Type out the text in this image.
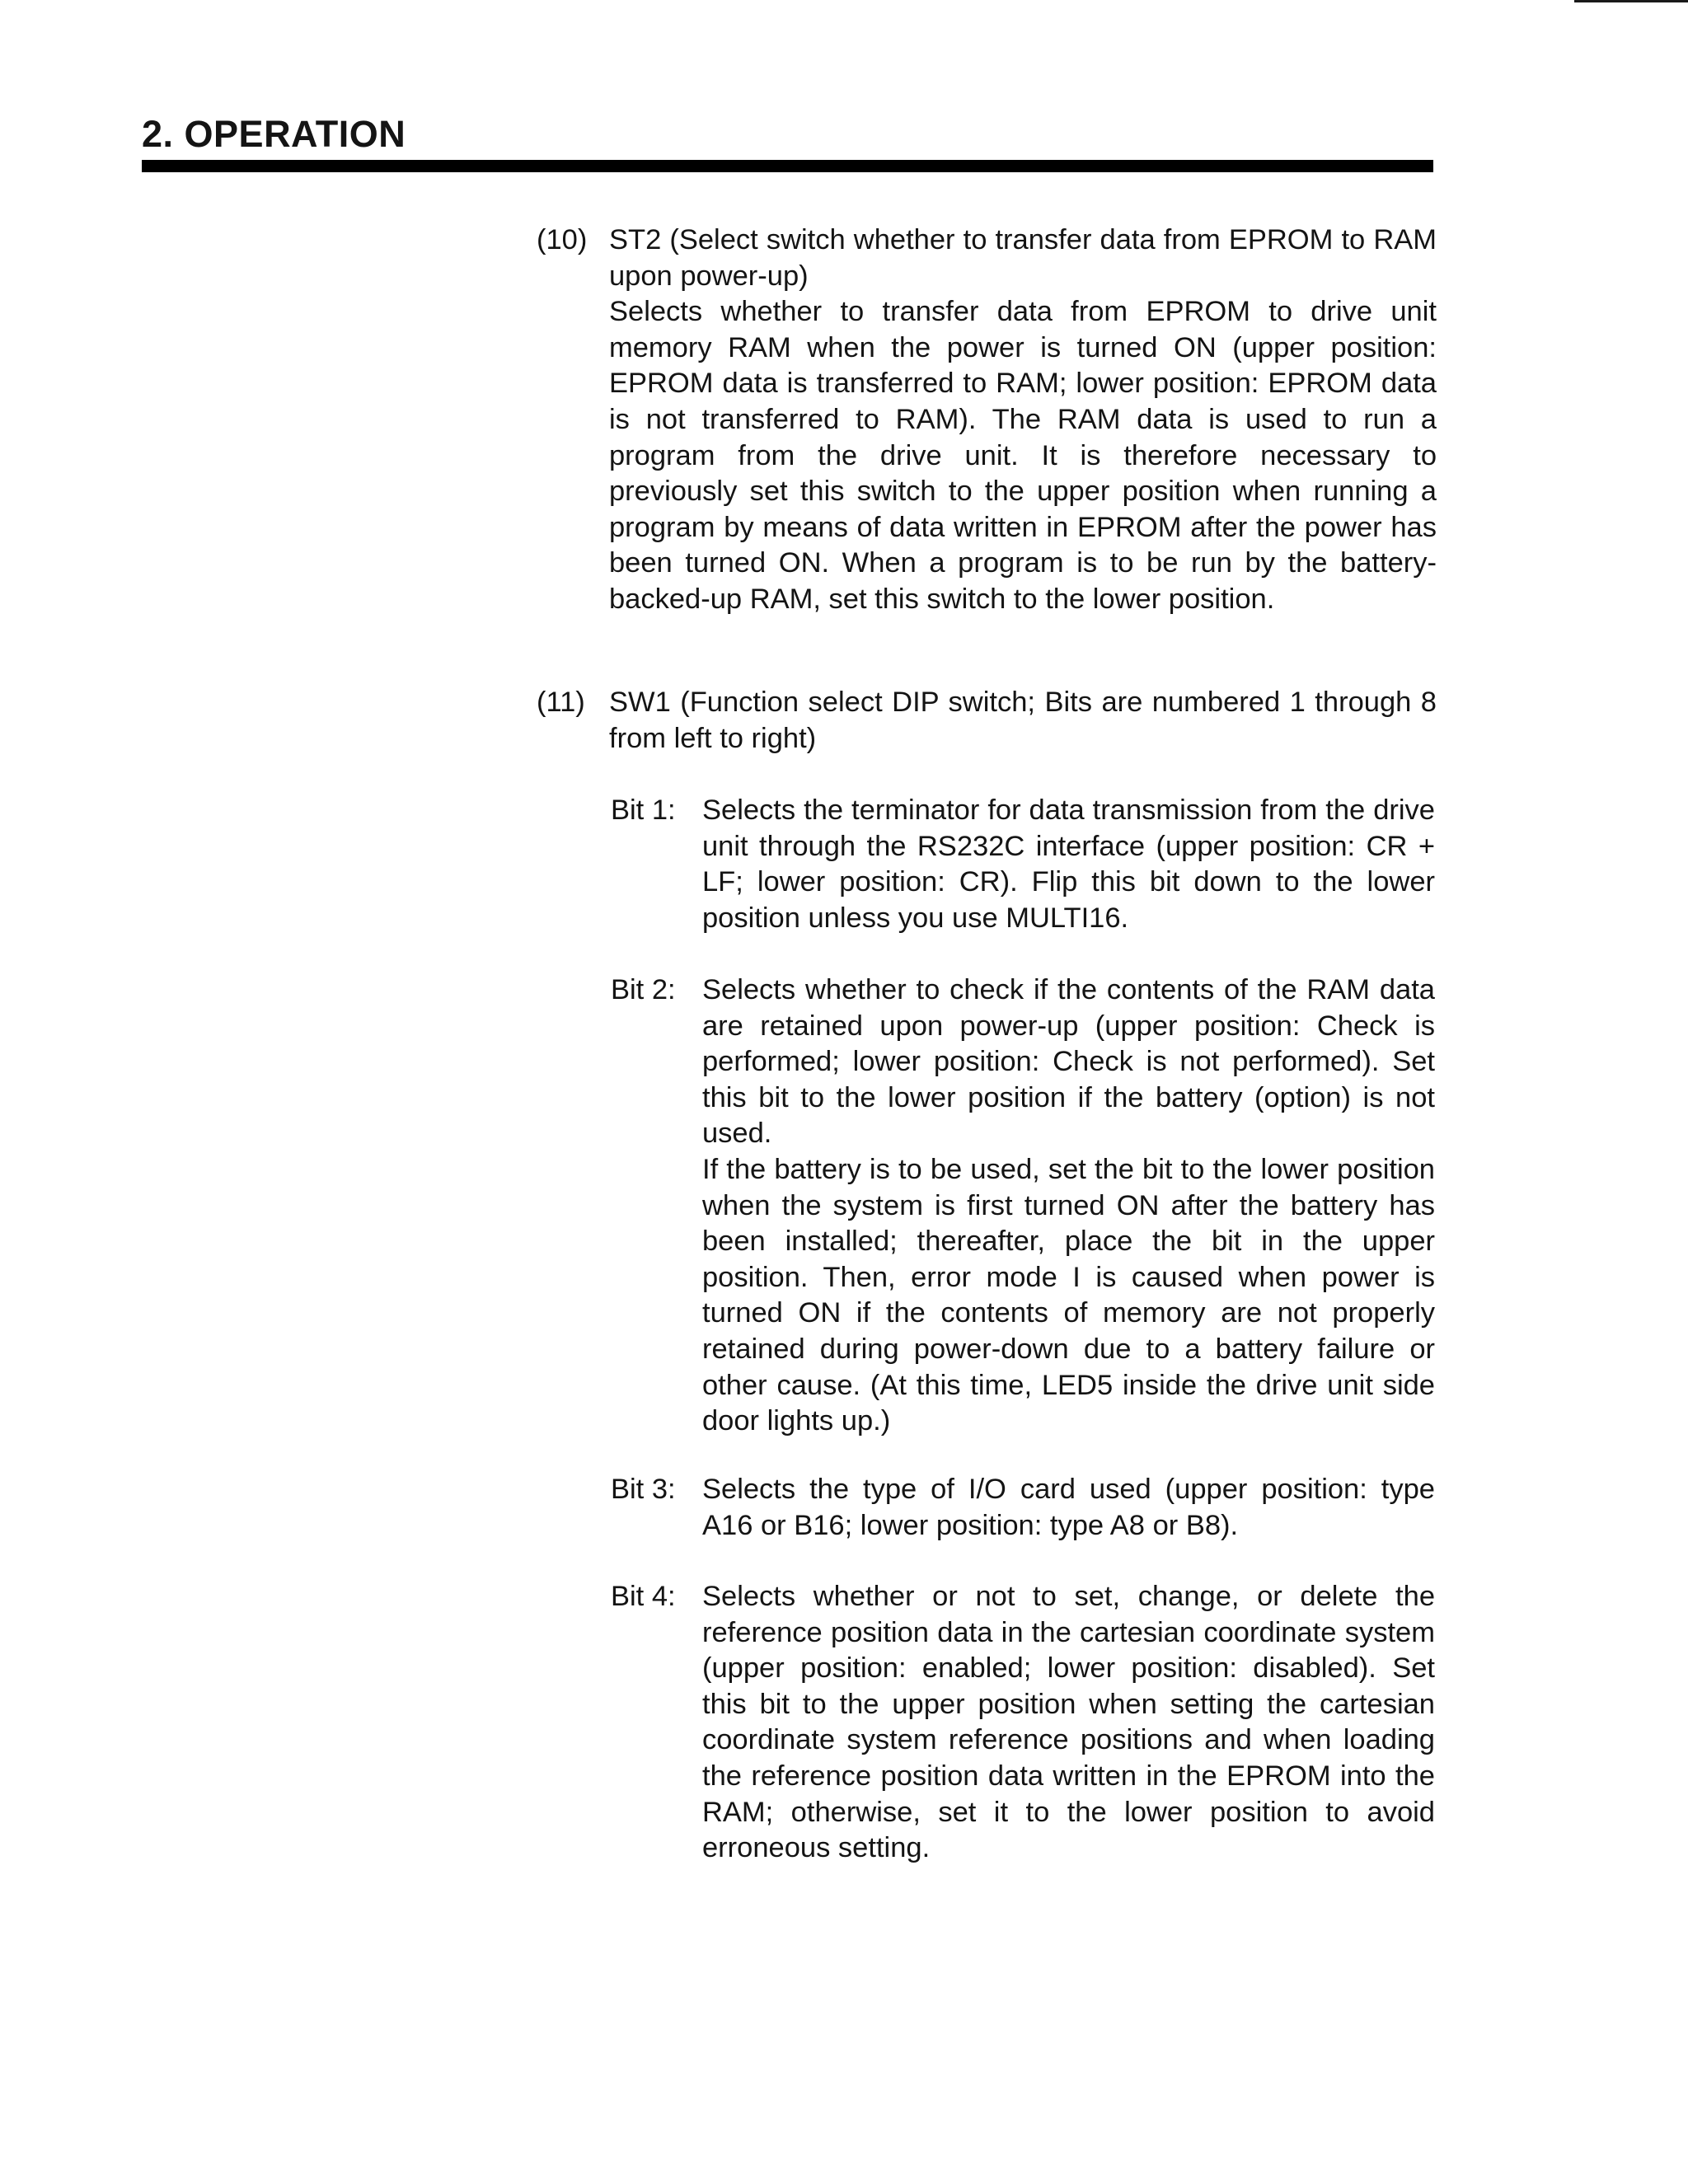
2. OPERATION
(10) ST2 (Select switch whether to transfer data from EPROM to RAM upon power-up)
Selects whether to transfer data from EPROM to drive unit memory RAM when the power is turned ON (upper position: EPROM data is transferred to RAM; lower position: EPROM data is not transferred to RAM). The RAM data is used to run a program from the drive unit. It is therefore necessary to previously set this switch to the upper position when running a program by means of data written in EPROM after the power has been turned ON. When a program is to be run by the battery-backed-up RAM, set this switch to the lower position.
(11) SW1 (Function select DIP switch; Bits are numbered 1 through 8 from left to right)
Bit 1: Selects the terminator for data transmission from the drive unit through the RS232C interface (upper position: CR + LF; lower position: CR). Flip this bit down to the lower position unless you use MULTI16.

Bit 2: Selects whether to check if the contents of the RAM data are retained upon power-up (upper position: Check is performed; lower position: Check is not performed). Set this bit to the lower position if the battery (option) is not used.

If the battery is to be used, set the bit to the lower position when the system is first turned ON after the battery has been installed; thereafter, place the bit in the upper position. Then, error mode I is caused when power is turned ON if the contents of memory are not properly retained during power-down due to a battery failure or other cause. (At this time, LED5 inside the drive unit side door lights up.)

Bit 3: Selects the type of I/O card used (upper position: type A16 or B16; lower position: type A8 or B8).

Bit 4: Selects whether or not to set, change, or delete the reference position data in the cartesian coordinate system (upper position: enabled; lower position: disabled). Set this bit to the upper position when setting the cartesian coordinate system reference positions and when loading the reference position data written in the EPROM into the RAM; otherwise, set it to the lower position to avoid erroneous setting.
